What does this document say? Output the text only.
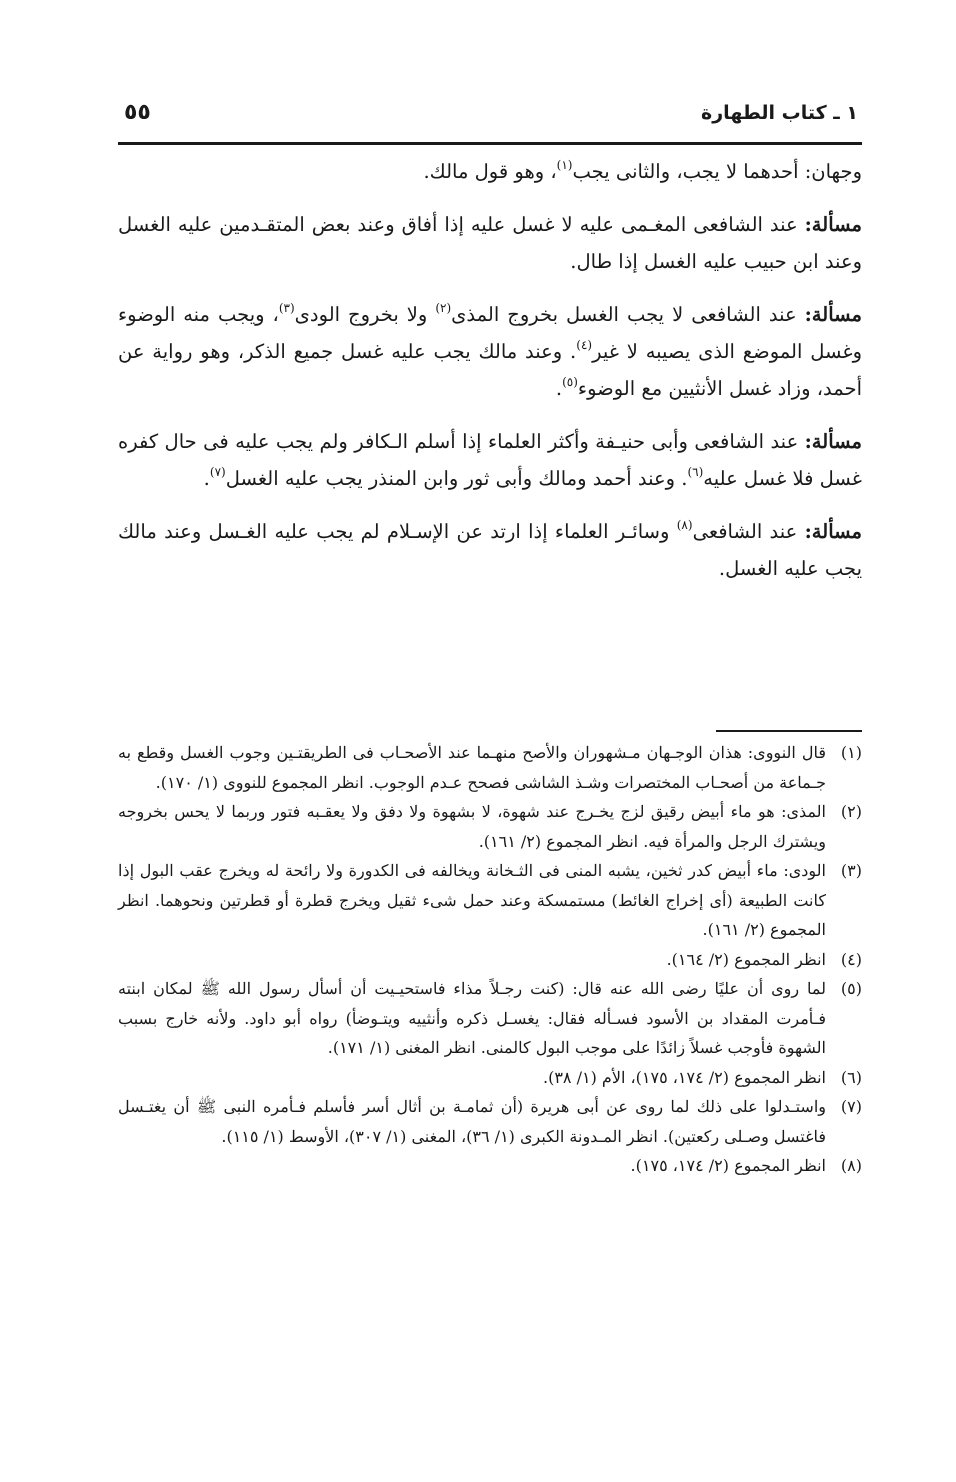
١ ـ كتاب الطهارة
٥٥

وجهان: أحدهما لا يجب، والثانى يجب$^{(١)}$، وهو قول مالك.

مسألة: عند الشافعى المغـمى عليه لا غسل عليه إذا أفاق وعند بعض المتقـدمين عليه الغسل وعند ابن حبيب عليه الغسل إذا طال.

مسألة: عند الشافعى لا يجب الغسل بخروج المذى$^{(٢)}$ ولا بخروج الودى$^{(٣)}$، ويجب منه الوضوء وغسل الموضع الذى يصيبه لا غير$^{(٤)}$. وعند مالك يجب عليه غسل جميع الذكر، وهو رواية عن أحمد، وزاد غسل الأنثيين مع الوضوء$^{(٥)}$.

مسألة: عند الشافعى وأبى حنيـفة وأكثر العلماء إذا أسلم الـكافر ولم يجب عليه فى حال كفره غسل فلا غسل عليه$^{(٦)}$. وعند أحمد ومالك وأبى ثور وابن المنذر يجب عليه الغسل$^{(٧)}$.

مسألة: عند الشافعى$^{(٨)}$ وسائـر العلماء إذا ارتد عن الإسـلام لم يجب عليه الغـسل وعند مالك يجب عليه الغسل.

(١)
قال النووى: هذان الوجـهان مـشهوران والأصح منهـما عند الأصحـاب فى الطريقتـين وجوب الغسل وقطع به جـماعة من أصحـاب المختصرات وشـذ الشاشى فصحح عـدم الوجوب. انظر المجموع للنووى (١/ ١٧٠).

(٢)
المذى: هو ماء أبيض رقيق لزج يخـرج عند شهوة، لا بشهوة ولا دفق ولا يعقـبه فتور وربما لا يحس بخروجه ويشترك الرجل والمرأة فيه. انظر المجموع (٢/ ١٦١).

(٣)
الودى: ماء أبيض كدر ثخين، يشبه المنى فى الثـخانة ويخالفه فى الكدورة ولا رائحة له ويخرج عقب البول إذا كانت الطبيعة (أى إخراج الغائط) مستمسكة وعند حمل شىء ثقيل ويخرج قطرة أو قطرتين ونحوهما. انظر المجموع (٢/ ١٦١).

(٤)
انظر المجموع (٢/ ١٦٤).

(٥)
لما روى أن عليًا رضى الله عنه قال: (كنت رجـلاً مذاء فاستحيـيت أن أسأل رسول الله ﷺ لمكان ابنته فـأمرت المقداد بن الأسود فسـأله فقال: يغسـل ذكره وأنثييه ويتـوضأ) رواه أبو داود. ولأنه خارج بسبب الشهوة فأوجب غسلاً زائدًا على موجب البول كالمنى. انظر المغنى (١/ ١٧١).

(٦)
انظر المجموع (٢/ ١٧٤، ١٧٥)، الأم (١/ ٣٨).

(٧)
واستـدلوا على ذلك لما روى عن أبى هريرة (أن ثمامـة بن أثال أسر فأسلم فـأمره النبى ﷺ أن يغتـسل فاغتسل وصـلى ركعتين). انظر المـدونة الكبرى (١/ ٣٦)، المغنى (١/ ٣٠٧)، الأوسط (١/ ١١٥).

(٨)
انظر المجموع (٢/ ١٧٤، ١٧٥).
